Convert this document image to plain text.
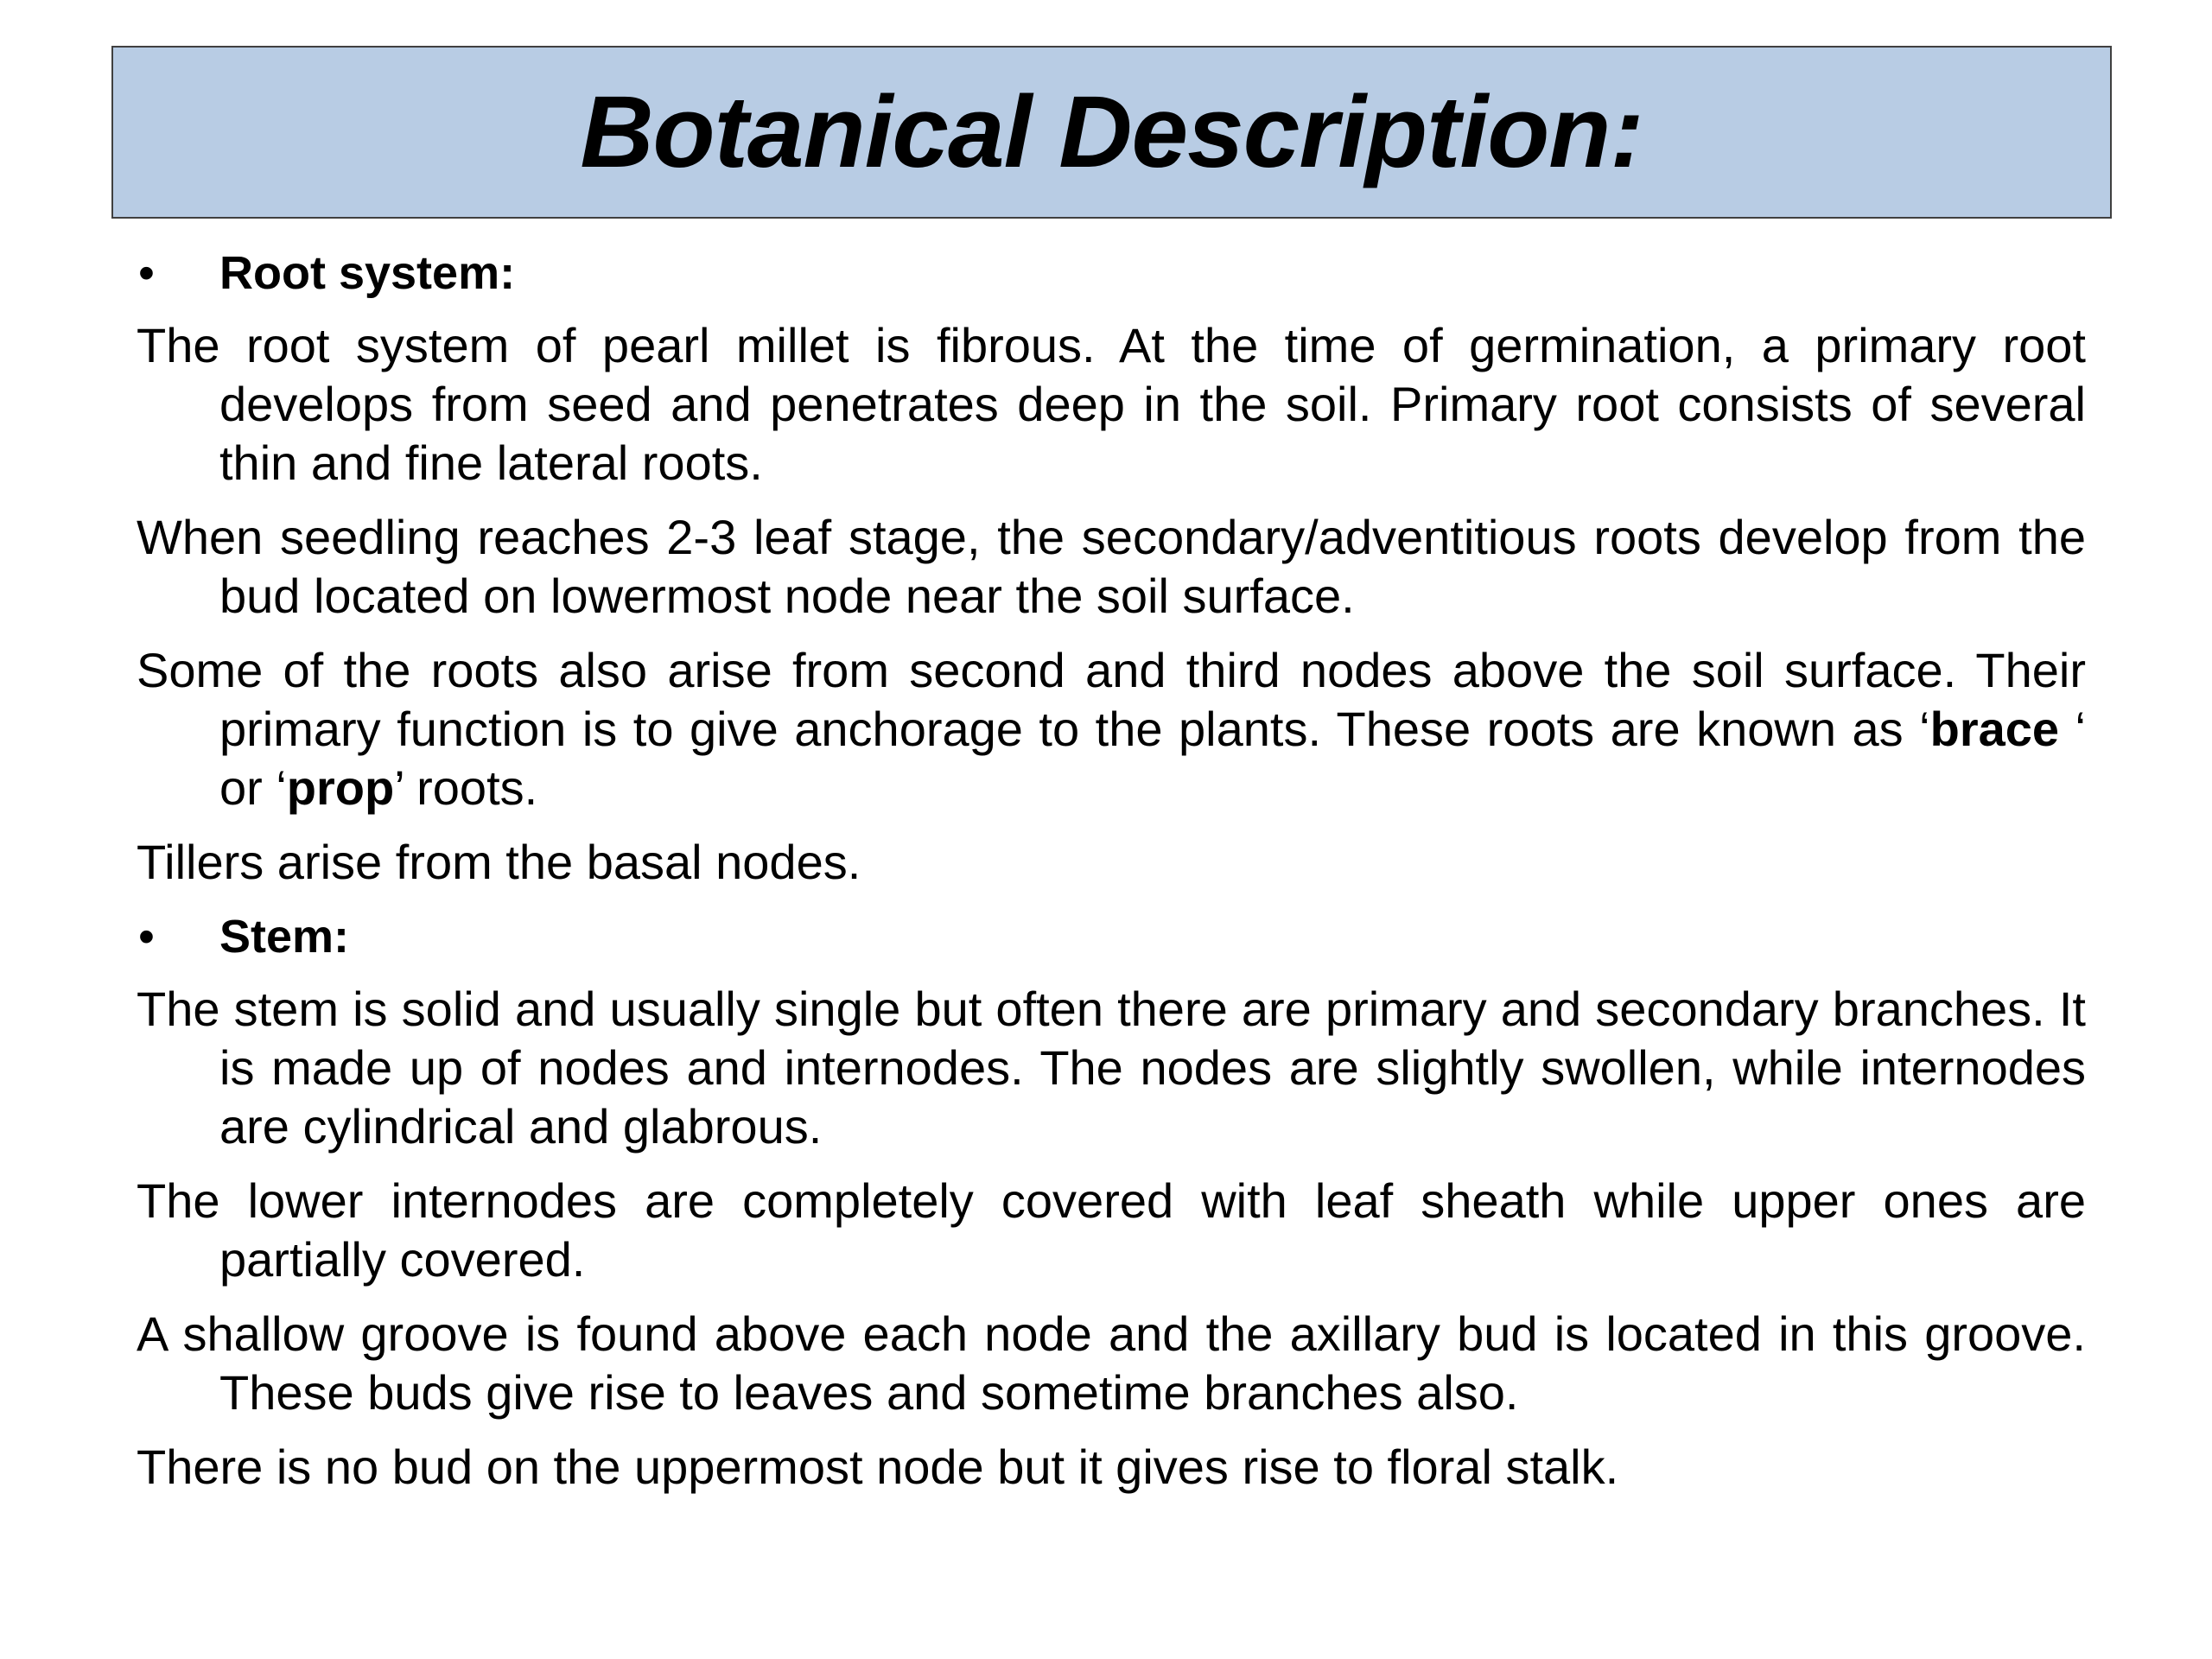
Botanical Description:
• Root system:
The root system of pearl millet is fibrous. At the time of germination, a primary root develops from seed and penetrates deep in the soil. Primary root consists of several thin and fine lateral roots.
When seedling reaches 2-3 leaf stage, the secondary/adventitious roots develop from the bud located on lowermost node near the soil surface.
Some of the roots also arise from second and third nodes above the soil surface. Their primary function is to give anchorage to the plants. These roots are known as ‘brace ‘ or ‘prop’ roots.
Tillers arise from the basal nodes.
• Stem:
The stem is solid and usually single but often there are primary and secondary branches. It is made up of nodes and internodes. The nodes are slightly swollen, while internodes are cylindrical and glabrous.
The lower internodes are completely covered with leaf sheath while upper ones are partially covered.
A shallow groove is found above each node and the axillary bud is located in this groove. These buds give rise to leaves and sometime branches also.
There is no bud on the uppermost node but it gives rise to floral stalk.
